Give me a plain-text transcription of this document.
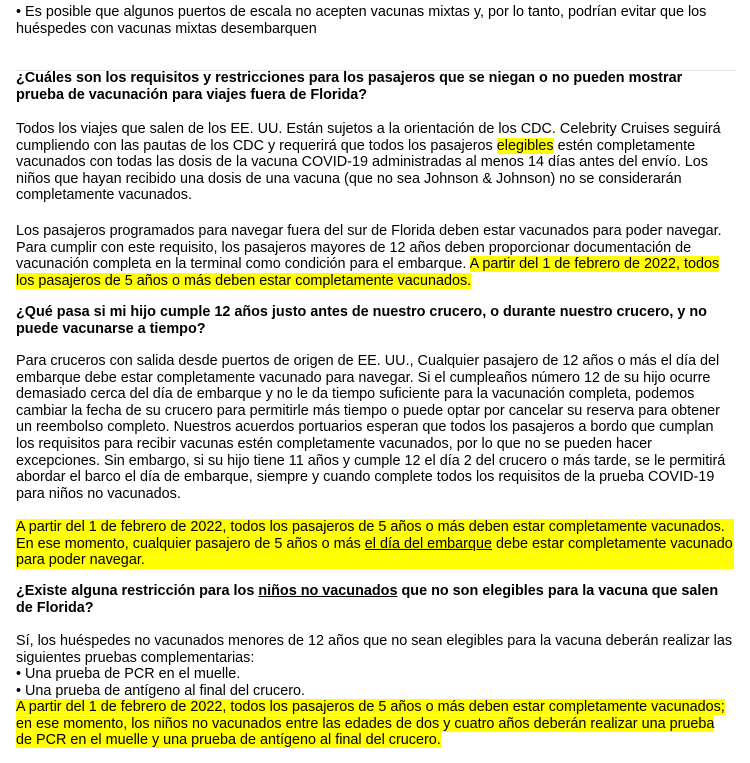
• Es posible que algunos puertos de escala no acepten vacunas mixtas y, por lo tanto, podrían evitar que los huéspedes con vacunas mixtas desembarquen

¿Cuáles son los requisitos y restricciones para los pasajeros que se niegan o no pueden mostrar prueba de vacunación para viajes fuera de Florida?

Todos los viajes que salen de los EE. UU. Están sujetos a la orientación de los CDC. Celebrity Cruises seguirá cumpliendo con las pautas de los CDC y requerirá que todos los pasajeros elegibles estén completamente vacunados con todas las dosis de la vacuna COVID-19 administradas al menos 14 días antes del envío. Los niños que hayan recibido una dosis de una vacuna (que no sea Johnson & Johnson) no se considerarán completamente vacunados.

Los pasajeros programados para navegar fuera del sur de Florida deben estar vacunados para poder navegar. Para cumplir con este requisito, los pasajeros mayores de 12 años deben proporcionar documentación de vacunación completa en la terminal como condición para el embarque. A partir del 1 de febrero de 2022, todos los pasajeros de 5 años o más deben estar completamente vacunados.

¿Qué pasa si mi hijo cumple 12 años justo antes de nuestro crucero, o durante nuestro crucero, y no puede vacunarse a tiempo?

Para cruceros con salida desde puertos de origen de EE. UU., Cualquier pasajero de 12 años o más el día del embarque debe estar completamente vacunado para navegar. Si el cumpleaños número 12 de su hijo ocurre demasiado cerca del día de embarque y no le da tiempo suficiente para la vacunación completa, podemos cambiar la fecha de su crucero para permitirle más tiempo o puede optar por cancelar su reserva para obtener un reembolso completo. Nuestros acuerdos portuarios esperan que todos los pasajeros a bordo que cumplan los requisitos para recibir vacunas estén completamente vacunados, por lo que no se pueden hacer excepciones. Sin embargo, si su hijo tiene 11 años y cumple 12 el día 2 del crucero o más tarde, se le permitirá abordar el barco el día de embarque, siempre y cuando complete todos los requisitos de la prueba COVID-19 para niños no vacunados.

A partir del 1 de febrero de 2022, todos los pasajeros de 5 años o más deben estar completamente vacunados. En ese momento, cualquier pasajero de 5 años o más el día del embarque debe estar completamente vacunado para poder navegar.

¿Existe alguna restricción para los niños no vacunados que no son elegibles para la vacuna que salen de Florida?

Sí, los huéspedes no vacunados menores de 12 años que no sean elegibles para la vacuna deberán realizar las siguientes pruebas complementarias:
• Una prueba de PCR en el muelle.
• Una prueba de antígeno al final del crucero.

A partir del 1 de febrero de 2022, todos los pasajeros de 5 años o más deben estar completamente vacunados; en ese momento, los niños no vacunados entre las edades de dos y cuatro años deberán realizar una prueba de PCR en el muelle y una prueba de antígeno al final del crucero.
